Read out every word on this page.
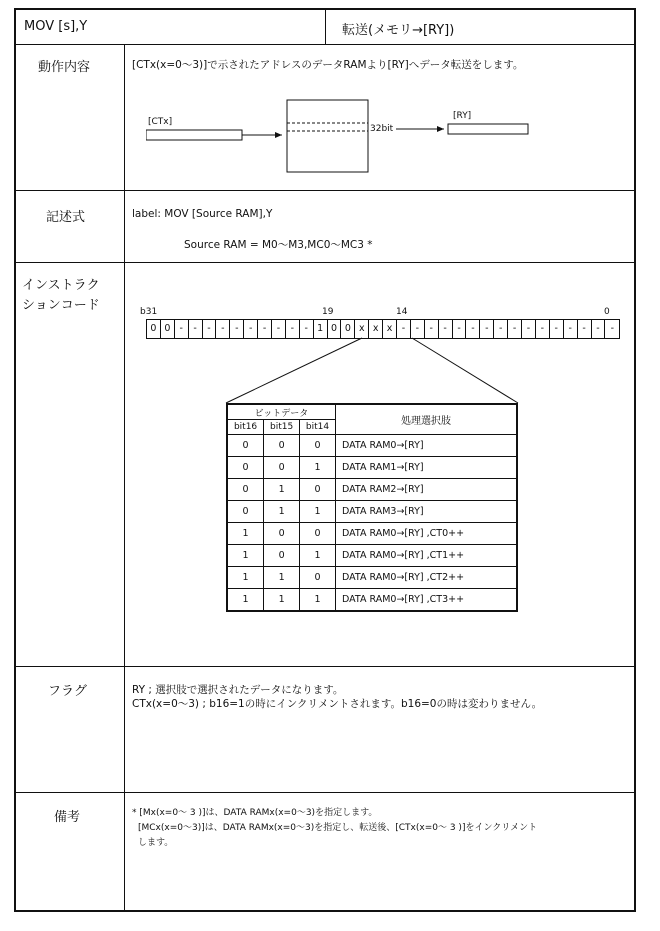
MOV [s],Y	転送(メモリ→[RY])
動作内容	[CTx(x=0〜3)]で示されたアドレスのデータRAMより[RY]へデータ転送をします。
[CTx]
32bit
[RY]
記述式	label: MOV [Source RAM],Y
Source RAM = M0〜M3,MC0〜MC3 *
インストラク
ションコード	b31	19	14	0
0 0 -	-	-	-	-	-	-	-	-	- 1 0 0 x x x -	-	-	-	-	-	-	-	-	-	-	-	-	-	-	-
ビットデータ			処理選択肢
bit16	bit15	bit14	
0	0	0	DATA RAM0→[RY]
0	0	1	DATA RAM1→[RY]
0	1	0	DATA RAM2→[RY]
0	1	1	DATA RAM3→[RY]
1	0	0	DATA RAM0→[RY] ,CT0++
1	0	1	DATA RAM0→[RY] ,CT1++
1	1	0	DATA RAM0→[RY] ,CT2++
1	1	1	DATA RAM0→[RY] ,CT3++
フラグ	RY ; 選択肢で選択されたデータになります。
CTx(x=0〜3) ; b16=1の時にインクリメントされます。b16=0の時は変わりません。
備考	* [Mx(x=0〜 3 )]は、DATA RAMx(x=0〜3)を指定します。
[MCx(x=0〜3)]は、DATA RAMx(x=0〜3)を指定し、転送後、[CTx(x=0〜 3 )]をインクリメント
します。
